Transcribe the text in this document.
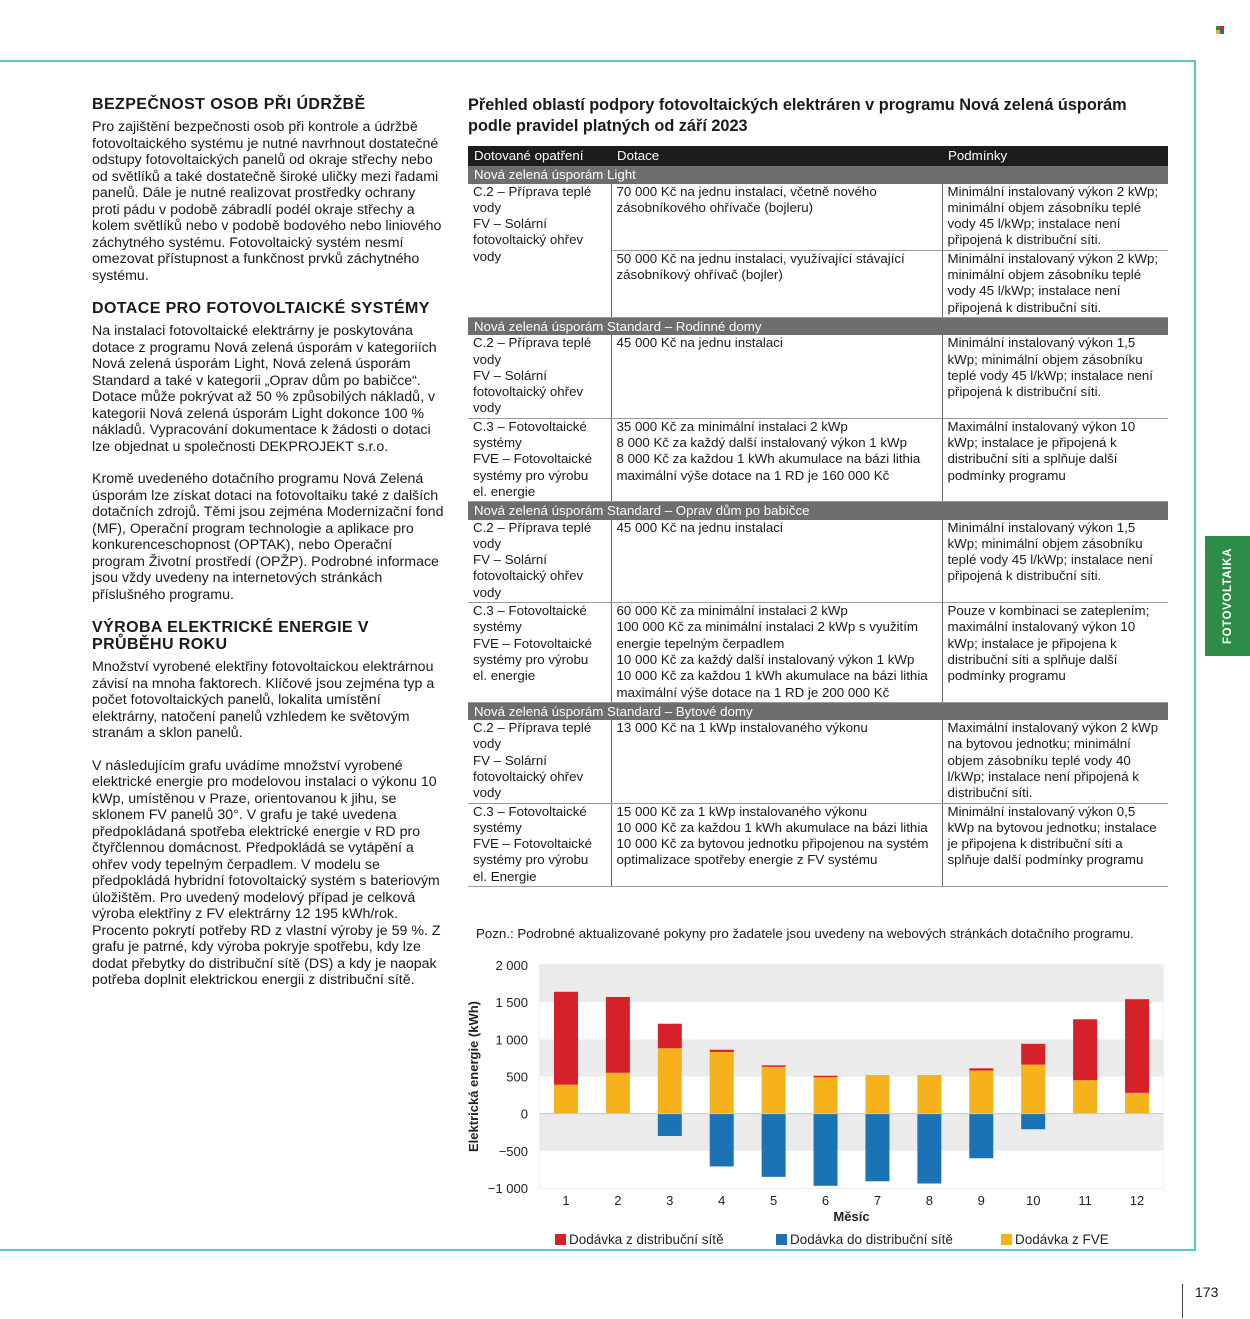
BEZPEČNOST OSOB PŘI ÚDRŽBĚ

Pro zajištění bezpečnosti osob při kontrole a údržbě fotovoltaického systému je nutné navrhnout dostatečné odstupy fotovoltaických panelů od okraje střechy nebo od světlíků a také dostatečně široké uličky mezi řadami panelů. Dále je nutné realizovat prostředky ochrany proti pádu v podobě zábradlí podél okraje střechy a kolem světlíků nebo v podobě bodového nebo liniového záchytného systému. Fotovoltaický systém nesmí omezovat přístupnost a funkčnost prvků záchytného systému.

DOTACE PRO FOTOVOLTAICKÉ SYSTÉMY

Na instalaci fotovoltaické elektrárny je poskytována dotace z programu Nová zelená úsporám v kategoriích Nová zelená úsporám Light, Nová zelená úsporám Standard a také v kategorii „Oprav dům po babičce“. Dotace může pokrývat až 50 % způsobilých nákladů, v kategorii Nová zelená úsporám Light dokonce 100 % nákladů. Vypracování dokumentace k žádosti o dotaci lze objednat u společnosti DEKPROJEKT s.r.o.

Kromě uvedeného dotačního programu Nová Zelená úsporám lze získat dotaci na fotovoltaiku také z dalších dotačních zdrojů. Těmi jsou zejména Modernizační fond (MF), Operační program technologie a aplikace pro konkurenceschopnost (OPTAK), nebo Operační program Životní prostředí (OPŽP). Podrobné informace jsou vždy uvedeny na internetových stránkách příslušného programu.

VÝROBA ELEKTRICKÉ ENERGIE V PRŮBĚHU ROKU

Množství vyrobené elektřiny fotovoltaickou elektrárnou závisí na mnoha faktorech. Klíčové jsou zejména typ a počet fotovoltaických panelů, lokalita umístění elektrárny, natočení panelů vzhledem ke světovým stranám a sklon panelů.

V následujícím grafu uvádíme množství vyrobené elektrické energie pro modelovou instalaci o výkonu 10 kWp, umístěnou v Praze, orientovanou k jihu, se sklonem FV panelů 30°. V grafu je také uvedena předpokládaná spotřeba elektrické energie v RD pro čtyřčlennou domácnost. Předpokládá se vytápění a ohřev vody tepelným čerpadlem. V modelu se předpokládá hybridní fotovoltaický systém s bateriovým úložištěm. Pro uvedený modelový případ je celková výroba elektřiny z FV elektrárny 12 195 kWh/rok. Procento pokrytí potřeby RD z vlastní výroby je 59 %. Z grafu je patrné, kdy výroba pokryje spotřebu, kdy lze dodat přebytky do distribuční sítě (DS) a kdy je naopak potřeba doplnit elektrickou energii z distribuční sítě.

Přehled oblastí podpory fotovoltaických elektráren v programu Nová zelená úsporám podle pravidel platných od září 2023
Dotované opatření	Dotace	Podmínky
Nová zelená úsporám Light		
C.2 – Příprava teplé vody
FV – Solární fotovoltaický ohřev vody	70 000 Kč na jednu instalaci, včetně nového zásobníkového ohřívače (bojleru)	Minimální instalovaný výkon 2 kWp; minimální objem zásobníku teplé vody 45 l/kWp; instalace není připojená k distribuční síti.
	50 000 Kč na jednu instalaci, využívající stávající zásobníkový ohřívač (bojler)	Minimální instalovaný výkon 2 kWp; minimální objem zásobníku teplé vody 45 l/kWp; instalace není připojená k distribuční síti.
Nová zelená úsporám Standard – Rodinné domy		
C.2 – Příprava teplé vody
FV – Solární fotovoltaický ohřev vody	45 000 Kč na jednu instalaci	Minimální instalovaný výkon 1,5 kWp; minimální objem zásobníku teplé vody 45 l/kWp; instalace není připojená k distribuční síti.
C.3 – Fotovoltaické systémy
FVE – Fotovoltaické systémy pro výrobu el. energie	35 000 Kč za minimální instalaci 2 kWp
8 000 Kč za každý další instalovaný výkon 1 kWp
8 000 Kč za každou 1 kWh akumulace na bázi lithia
maximální výše dotace na 1 RD je 160 000 Kč	Maximální instalovaný výkon 10 kWp; instalace je připojená k distribuční síti a splňuje další podmínky programu
Nová zelená úsporám Standard – Oprav dům po babičce		
C.2 – Příprava teplé vody
FV – Solární fotovoltaický ohřev vody	45 000 Kč na jednu instalaci	Minimální instalovaný výkon 1,5 kWp; minimální objem zásobníku teplé vody 45 l/kWp; instalace není připojená k distribuční síti.
C.3 – Fotovoltaické systémy
FVE – Fotovoltaické systémy pro výrobu el. energie	60 000 Kč za minimální instalaci 2 kWp
100 000 Kč za minimální instalaci 2 kWp s využitím energie tepelným čerpadlem
10 000 Kč za každý další instalovaný výkon 1 kWp
10 000 Kč za každou 1 kWh akumulace na bázi lithia
maximální výše dotace na 1 RD je 200 000 Kč	Pouze v kombinaci se zateplením; maximální instalovaný výkon 10 kWp; instalace je připojena k distribuční síti a splňuje další podmínky programu
Nová zelená úsporám Standard – Bytové domy		
C.2 – Příprava teplé vody
FV – Solární fotovoltaický ohřev vody	13 000 Kč na 1 kWp instalovaného výkonu	Maximální instalovaný výkon 2 kWp na bytovou jednotku; minimální objem zásobníku teplé vody 40 l/kWp; instalace není připojená k distribuční síti.
C.3 – Fotovoltaické systémy
FVE – Fotovoltaické systémy pro výrobu el. Energie	15 000 Kč za 1 kWp instalovaného výkonu
10 000 Kč za každou 1 kWh akumulace na bázi lithia
10 000 Kč za bytovou jednotku připojenou na systém optimalizace spotřeby energie z FV systému	Minimální instalovaný výkon 0,5 kWp na bytovou jednotku; instalace je připojena k distribuční síti a splňuje další podmínky programu
Pozn.: Podrobné aktualizované pokyny pro žadatele jsou uvedeny na webových stránkách dotačního programu.
2 000
1 500
1 000
500
0
−500
−1 000
1	2	3	4	5	6	7	8	9	10	11	12
Měsíc
Elektrická energie (kWh)
Dodávka z distribuční sítě	Dodávka do distribuční sítě	Dodávka z FVE
FOTOVOLTAIKA
173
